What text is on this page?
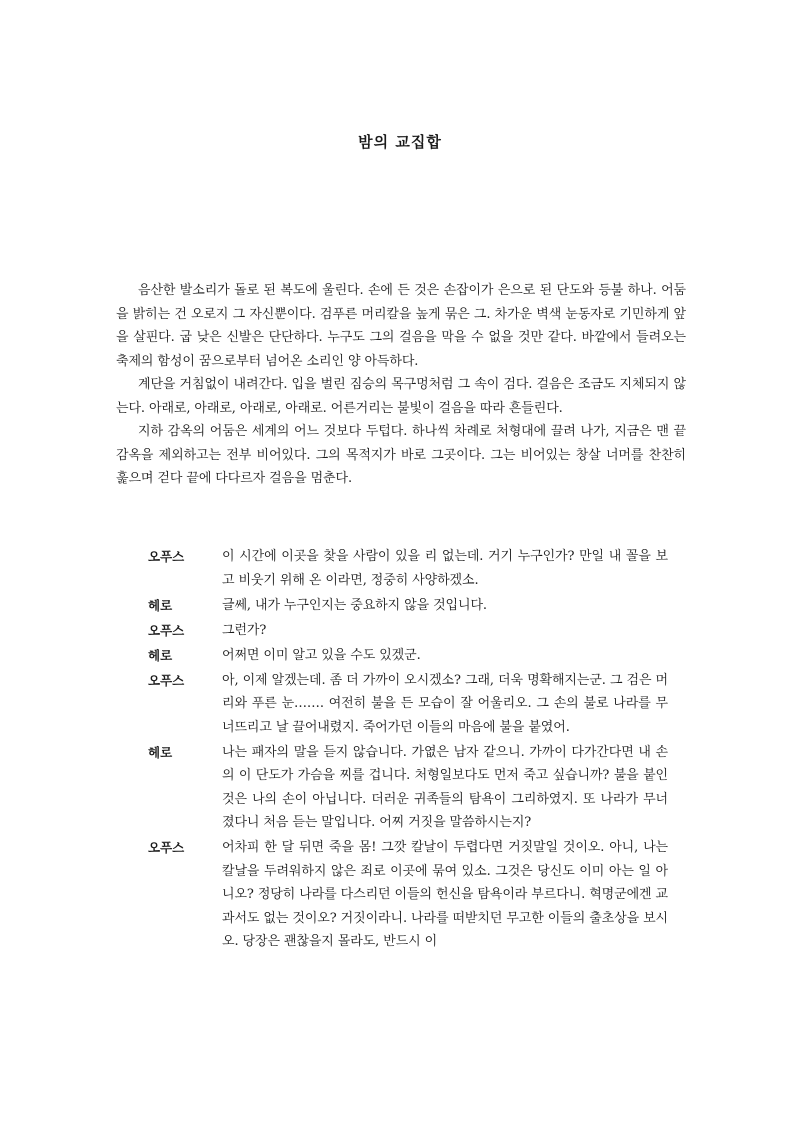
밤의 교집합

음산한 발소리가 돌로 된 복도에 울린다. 손에 든 것은 손잡이가 은으로 된 단도와 등불 하나. 어둠을 밝히는 건 오로지 그 자신뿐이다. 검푸른 머리칼을 높게 묶은 그. 차가운 벽색 눈동자로 기민하게 앞을 살핀다. 굽 낮은 신발은 단단하다. 누구도 그의 걸음을 막을 수 없을 것만 같다. 바깥에서 들려오는 축제의 함성이 꿈으로부터 넘어온 소리인 양 아득하다.

계단을 거침없이 내려간다. 입을 벌린 짐승의 목구멍처럼 그 속이 검다. 걸음은 조금도 지체되지 않는다. 아래로, 아래로, 아래로, 아래로. 어른거리는 불빛이 걸음을 따라 흔들린다.

지하 감옥의 어둠은 세계의 어느 것보다 두텁다. 하나씩 차례로 처형대에 끌려 나가, 지금은 맨 끝 감옥을 제외하고는 전부 비어있다. 그의 목적지가 바로 그곳이다. 그는 비어있는 창살 너머를 찬찬히 훑으며 걷다 끝에 다다르자 걸음을 멈춘다.

오푸스	이 시간에 이곳을 찾을 사람이 있을 리 없는데. 거기 누구인가? 만일 내 꼴을 보고 비웃기 위해 온 이라면, 정중히 사양하겠소.
헤로	글쎄, 내가 누구인지는 중요하지 않을 것입니다.
오푸스	그런가?
헤로	어쩌면 이미 알고 있을 수도 있겠군.
오푸스	아, 이제 알겠는데. 좀 더 가까이 오시겠소? 그래, 더욱 명확해지는군. 그 검은 머리와 푸른 눈……. 여전히 불을 든 모습이 잘 어울리오. 그 손의 불로 나라를 무너뜨리고 날 끌어내렸지. 죽어가던 이들의 마음에 불을 붙였어.
헤로	나는 패자의 말을 듣지 않습니다. 가엾은 남자 같으니. 가까이 다가간다면 내 손의 이 단도가 가슴을 찌를 겁니다. 처형일보다도 먼저 죽고 싶습니까? 불을 붙인 것은 나의 손이 아닙니다. 더러운 귀족들의 탐욕이 그리하였지. 또 나라가 무너졌다니 처음 듣는 말입니다. 어찌 거짓을 말씀하시는지?
오푸스	어차피 한 달 뒤면 죽을 몸! 그깟 칼날이 두렵다면 거짓말일 것이오. 아니, 나는 칼날을 두려워하지 않은 죄로 이곳에 묶여 있소. 그것은 당신도 이미 아는 일 아니오? 정당히 나라를 다스리던 이들의 헌신을 탐욕이라 부르다니. 혁명군에겐 교과서도 없는 것이오? 거짓이라니. 나라를 떠받치던 무고한 이들의 출초상을 보시오. 당장은 괜찮을지 몰라도, 반드시 이
